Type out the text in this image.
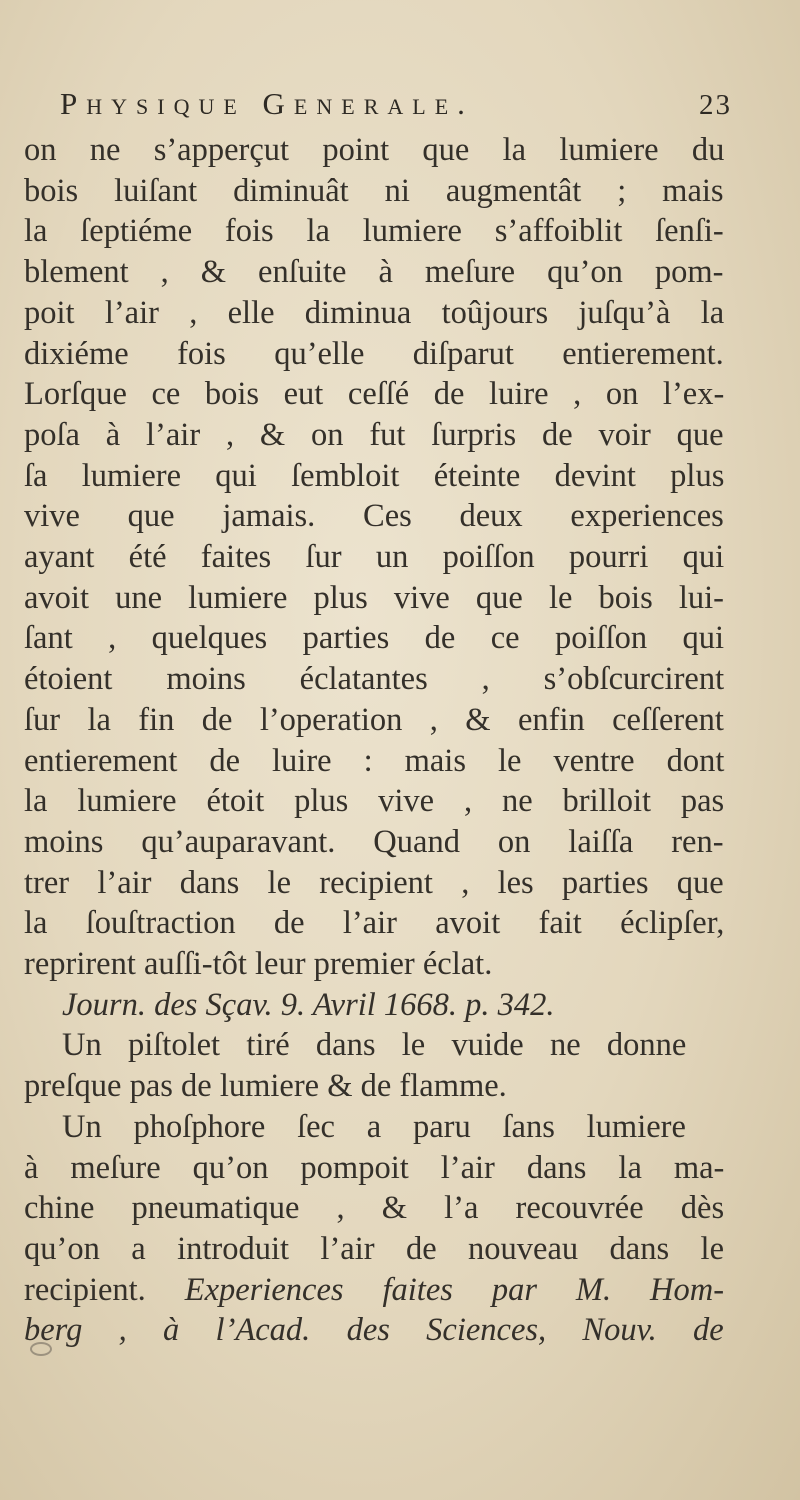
Physique Generale.	23
on ne s’apperçut point que la lumiere du
bois luiſant diminuât ni augmentât ; mais
la ſeptiéme fois la lumiere s’affoiblit ſenſi-
blement , & enſuite à meſure qu’on pom-
poit l’air , elle diminua toûjours juſqu’à la
dixiéme fois qu’elle diſparut entierement.
Lorſque ce bois eut ceſſé de luire , on l’ex-
poſa à l’air , & on fut ſurpris de voir que
ſa lumiere qui ſembloit éteinte devint plus
vive que jamais. Ces deux experiences
ayant été faites ſur un poiſſon pourri qui
avoit une lumiere plus vive que le bois lui-
ſant , quelques parties de ce poiſſon qui
étoient moins éclatantes , s’obſcurcirent
ſur la fin de l’operation , & enfin ceſſerent
entierement de luire : mais le ventre dont
la lumiere étoit plus vive , ne brilloit pas
moins qu’auparavant. Quand on laiſſa ren-
trer l’air dans le recipient , les parties que
la ſouſtraction de l’air avoit fait éclipſer,
reprirent auſſi-tôt leur premier éclat.
Journ. des Sçav. 9. Avril 1668. p. 342.
Un piſtolet tiré dans le vuide ne donne
preſque pas de lumiere & de flamme.
Un phoſphore ſec a paru ſans lumiere
à meſure qu’on pompoit l’air dans la ma-
chine pneumatique , & l’a recouvrée dès
qu’on a introduit l’air de nouveau dans le
recipient. Experiences faites par M. Hom-
berg , à l’Acad. des Sciences, Nouv. de
